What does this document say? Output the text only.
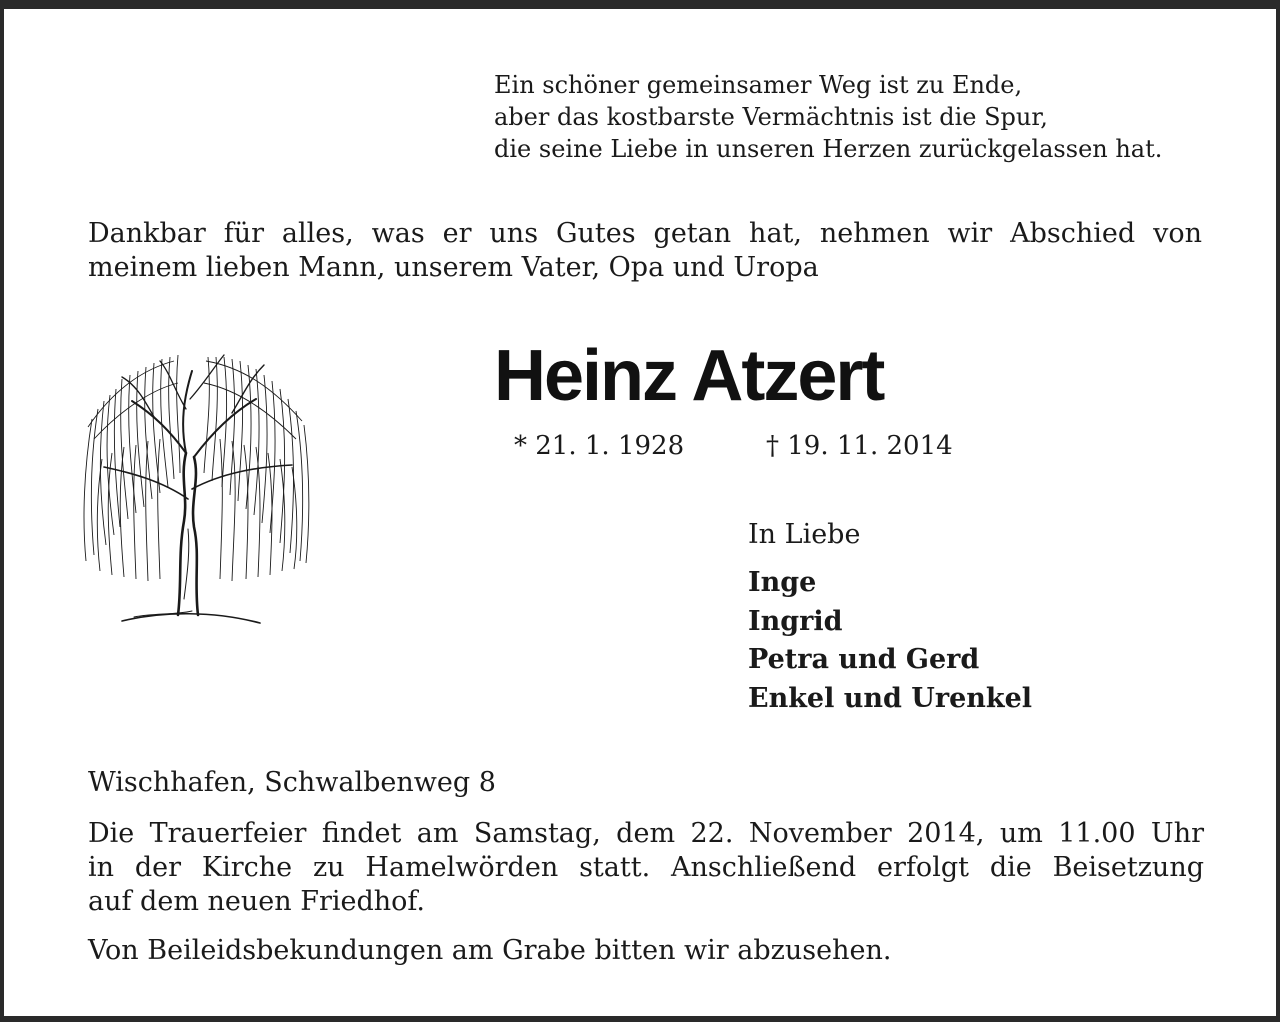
Ein schöner gemeinsamer Weg ist zu Ende,
aber das kostbarste Vermächtnis ist die Spur,
die seine Liebe in unseren Herzen zurückgelassen hat.
Dankbar für alles, was er uns Gutes getan hat, nehmen wir Abschied von
meinem lieben Mann, unserem Vater, Opa und Uropa
Heinz Atzert
* 21. 1. 1928	† 19. 11. 2014
In Liebe
Inge
Ingrid
Petra und Gerd
Enkel und Urenkel
Wischhafen, Schwalbenweg 8
Die Trauerfeier findet am Samstag, dem 22. November 2014, um 11.00 Uhr
in der Kirche zu Hamelwörden statt. Anschließend erfolgt die Beisetzung
auf dem neuen Friedhof.
Von Beileidsbekundungen am Grabe bitten wir abzusehen.
